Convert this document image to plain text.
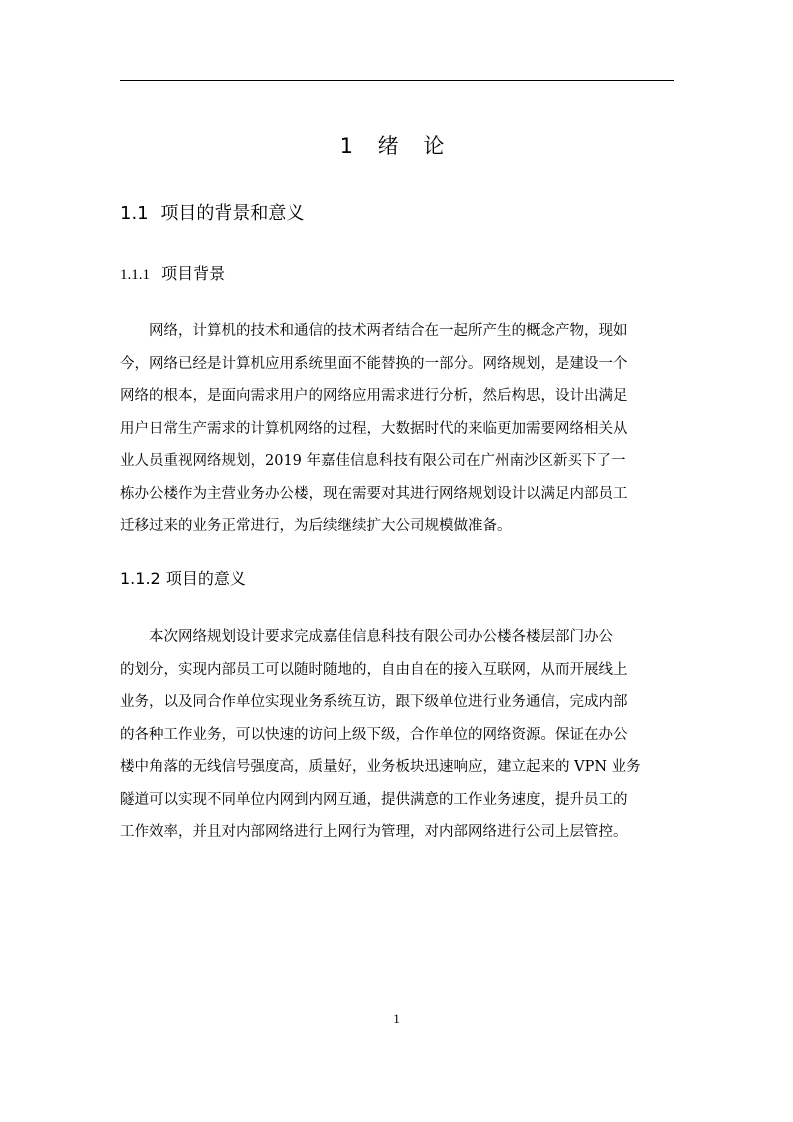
1 绪 论
1.1 项目的背景和意义
1.1.1 项目背景
网络，计算机的技术和通信的技术两者结合在一起所产生的概念产物，现如
今，网络已经是计算机应用系统里面不能替换的一部分。网络规划，是建设一个
网络的根本，是面向需求用户的网络应用需求进行分析，然后构思，设计出满足
用户日常生产需求的计算机网络的过程，大数据时代的来临更加需要网络相关从
业人员重视网络规划，2019 年嘉佳信息科技有限公司在广州南沙区新买下了一
栋办公楼作为主营业务办公楼，现在需要对其进行网络规划设计以满足内部员工
迁移过来的业务正常进行，为后续继续扩大公司规模做准备。
1.1.2 项目的意义
本次网络规划设计要求完成嘉佳信息科技有限公司办公楼各楼层部门办公
的划分，实现内部员工可以随时随地的，自由自在的接入互联网，从而开展线上
业务，以及同合作单位实现业务系统互访，跟下级单位进行业务通信，完成内部
的各种工作业务，可以快速的访问上级下级，合作单位的网络资源。保证在办公
楼中角落的无线信号强度高，质量好，业务板块迅速响应，建立起来的 VPN 业务
隧道可以实现不同单位内网到内网互通，提供满意的工作业务速度，提升员工的
工作效率，并且对内部网络进行上网行为管理，对内部网络进行公司上层管控。
1
